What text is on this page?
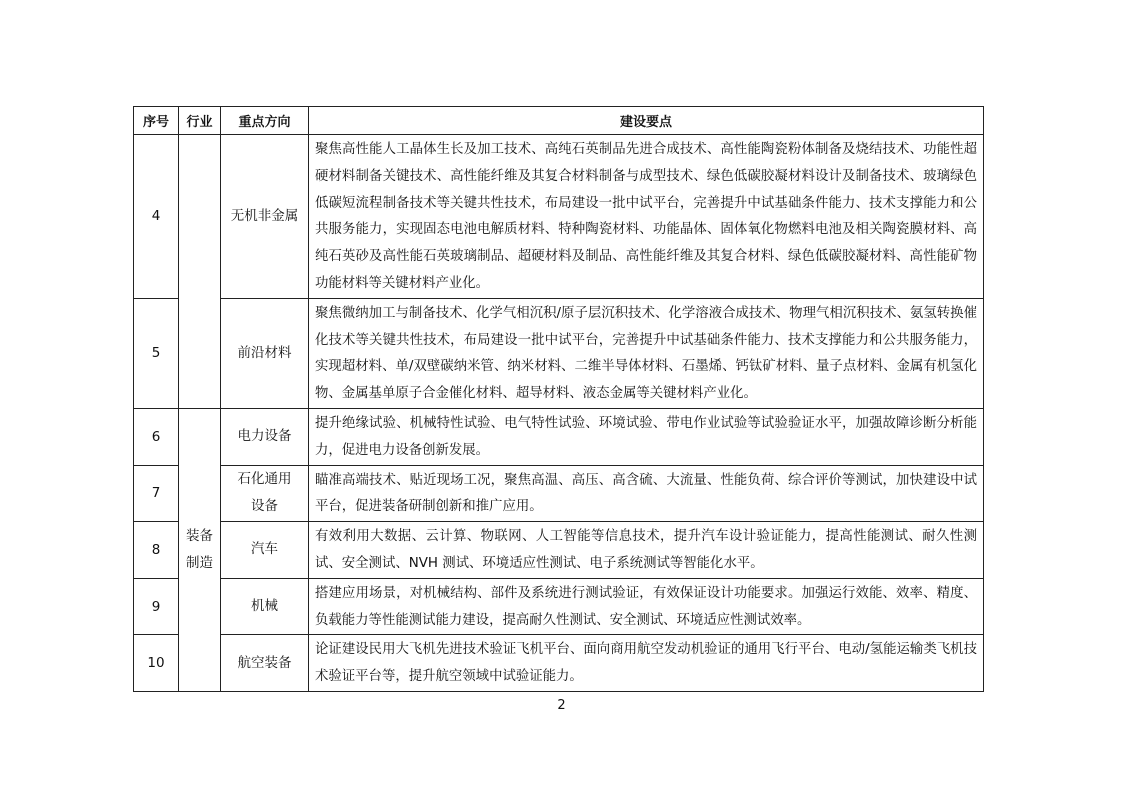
序号	行业	重点方向	建设要点
4		无机非金属	聚焦高性能人工晶体生长及加工技术、高纯石英制品先进合成技术、高性能陶瓷粉体制备及烧结技术、功能性超硬材料制备关键技术、高性能纤维及其复合材料制备与成型技术、绿色低碳胶凝材料设计及制备技术、玻璃绿色低碳短流程制备技术等关键共性技术，布局建设一批中试平台，完善提升中试基础条件能力、技术支撑能力和公共服务能力，实现固态电池电解质材料、特种陶瓷材料、功能晶体、固体氧化物燃料电池及相关陶瓷膜材料、高纯石英砂及高性能石英玻璃制品、超硬材料及制品、高性能纤维及其复合材料、绿色低碳胶凝材料、高性能矿物功能材料等关键材料产业化。
5		前沿材料	聚焦微纳加工与制备技术、化学气相沉积/原子层沉积技术、化学溶液合成技术、物理气相沉积技术、氨氢转换催化技术等关键共性技术，布局建设一批中试平台，完善提升中试基础条件能力、技术支撑能力和公共服务能力，实现超材料、单/双壁碳纳米管、纳米材料、二维半导体材料、石墨烯、钙钛矿材料、量子点材料、金属有机氢化物、金属基单原子合金催化材料、超导材料、液态金属等关键材料产业化。
6	装备制造	电力设备	提升绝缘试验、机械特性试验、电气特性试验、环境试验、带电作业试验等试验验证水平，加强故障诊断分析能力，促进电力设备创新发展。
7		石化通用设备	瞄准高端技术、贴近现场工况，聚焦高温、高压、高含硫、大流量、性能负荷、综合评价等测试，加快建设中试平台，促进装备研制创新和推广应用。
8		汽车	有效利用大数据、云计算、物联网、人工智能等信息技术，提升汽车设计验证能力，提高性能测试、耐久性测试、安全测试、NVH 测试、环境适应性测试、电子系统测试等智能化水平。
9		机械	搭建应用场景，对机械结构、部件及系统进行测试验证，有效保证设计功能要求。加强运行效能、效率、精度、负载能力等性能测试能力建设，提高耐久性测试、安全测试、环境适应性测试效率。
10		航空装备	论证建设民用大飞机先进技术验证飞机平台、面向商用航空发动机验证的通用飞行平台、电动/氢能运输类飞机技术验证平台等，提升航空领域中试验证能力。
2
